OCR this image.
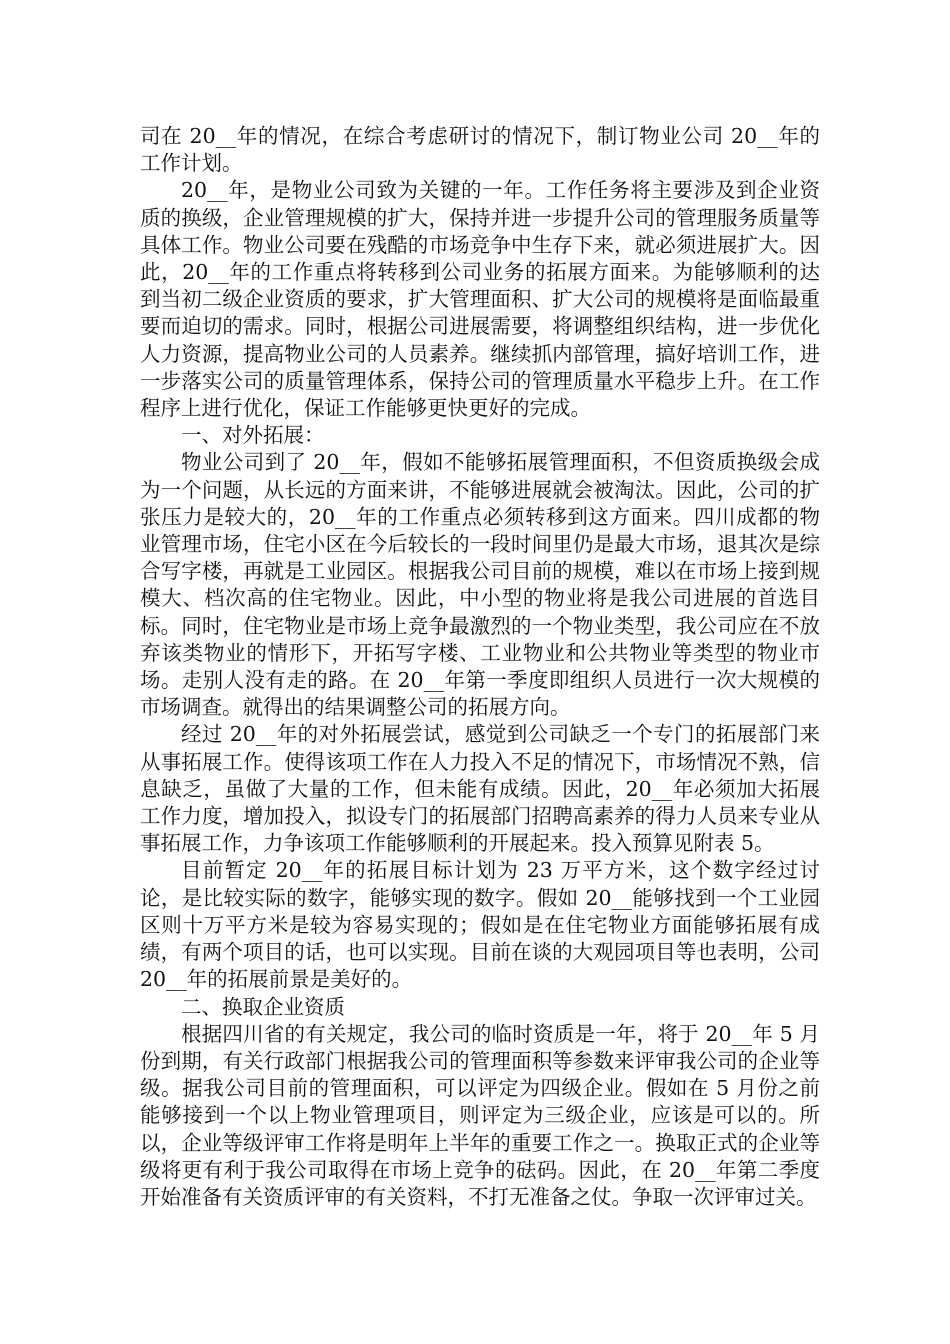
司在 20__年的情况，在综合考虑研讨的情况下，制订物业公司 20__年的工作计划。

20__年，是物业公司致为关键的一年。工作任务将主要涉及到企业资质的换级，企业管理规模的扩大，保持并进一步提升公司的管理服务质量等具体工作。物业公司要在残酷的市场竞争中生存下来，就必须进展扩大。因此，20__年的工作重点将转移到公司业务的拓展方面来。为能够顺利的达到当初二级企业资质的要求，扩大管理面积、扩大公司的规模将是面临最重要而迫切的需求。同时，根据公司进展需要，将调整组织结构，进一步优化人力资源，提高物业公司的人员素养。继续抓内部管理，搞好培训工作，进一步落实公司的质量管理体系，保持公司的管理质量水平稳步上升。在工作程序上进行优化，保证工作能够更快更好的完成。

一、对外拓展：

物业公司到了 20__年，假如不能够拓展管理面积，不但资质换级会成为一个问题，从长远的方面来讲，不能够进展就会被淘汰。因此，公司的扩张压力是较大的，20__年的工作重点必须转移到这方面来。四川成都的物业管理市场，住宅小区在今后较长的一段时间里仍是最大市场，退其次是综合写字楼，再就是工业园区。根据我公司目前的规模，难以在市场上接到规模大、档次高的住宅物业。因此，中小型的物业将是我公司进展的首选目标。同时，住宅物业是市场上竞争最激烈的一个物业类型，我公司应在不放弃该类物业的情形下，开拓写字楼、工业物业和公共物业等类型的物业市场。走别人没有走的路。在 20__年第一季度即组织人员进行一次大规模的市场调查。就得出的结果调整公司的拓展方向。

经过 20__年的对外拓展尝试，感觉到公司缺乏一个专门的拓展部门来从事拓展工作。使得该项工作在人力投入不足的情况下，市场情况不熟，信息缺乏，虽做了大量的工作，但未能有成绩。因此，20__年必须加大拓展工作力度，增加投入，拟设专门的拓展部门招聘高素养的得力人员来专业从事拓展工作，力争该项工作能够顺利的开展起来。投入预算见附表 5。

目前暂定 20__年的拓展目标计划为 23 万平方米，这个数字经过讨论，是比较实际的数字，能够实现的数字。假如 20__能够找到一个工业园区则十万平方米是较为容易实现的；假如是在住宅物业方面能够拓展有成绩，有两个项目的话，也可以实现。目前在谈的大观园项目等也表明，公司 20__年的拓展前景是美好的。

二、换取企业资质

根据四川省的有关规定，我公司的临时资质是一年，将于 20__年 5 月份到期，有关行政部门根据我公司的管理面积等参数来评审我公司的企业等级。据我公司目前的管理面积，可以评定为四级企业。假如在 5 月份之前能够接到一个以上物业管理项目，则评定为三级企业，应该是可以的。所以，企业等级评审工作将是明年上半年的重要工作之一。换取正式的企业等级将更有利于我公司取得在市场上竞争的砝码。因此，在 20__年第二季度开始准备有关资质评审的有关资料，不打无准备之仗。争取一次评审过关。
